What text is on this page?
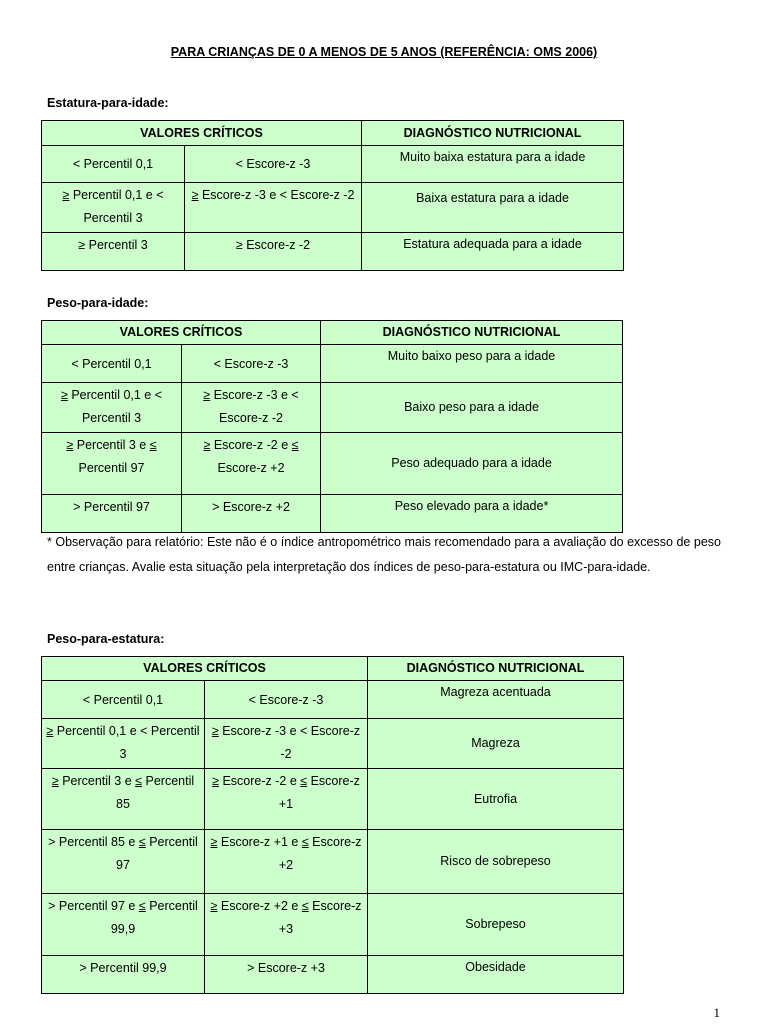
PARA CRIANÇAS DE 0 A MENOS DE 5 ANOS (REFERÊNCIA: OMS 2006)
Estatura-para-idade:
VALORES CRÍTICOS		DIAGNÓSTICO NUTRICIONAL
< Percentil 0,1	< Escore-z -3	Muito baixa estatura para a idade
≥ Percentil 0,1 e < Percentil 3	≥ Escore-z -3 e < Escore-z -2	Baixa estatura para a idade
≥ Percentil 3	≥ Escore-z -2	Estatura adequada para a idade
Peso-para-idade:
VALORES CRÍTICOS		DIAGNÓSTICO NUTRICIONAL
< Percentil 0,1	< Escore-z -3	Muito baixo peso para a idade
≥ Percentil 0,1 e < Percentil 3	≥ Escore-z -3 e < Escore-z -2	Baixo peso para a idade
≥ Percentil 3 e ≤ Percentil 97	≥ Escore-z -2 e ≤ Escore-z +2	Peso adequado para a idade
> Percentil 97	> Escore-z +2	Peso elevado para a idade*
* Observação para relatório: Este não é o índice antropométrico mais recomendado para a avaliação do excesso de peso entre crianças. Avalie esta situação pela interpretação dos índices de peso-para-estatura ou IMC-para-idade.
Peso-para-estatura:
VALORES CRÍTICOS		DIAGNÓSTICO NUTRICIONAL
< Percentil 0,1	< Escore-z -3	Magreza acentuada
≥ Percentil 0,1 e < Percentil 3	≥ Escore-z -3 e < Escore-z -2	Magreza
≥ Percentil 3 e ≤ Percentil 85	≥ Escore-z -2 e ≤ Escore-z +1	Eutrofia
> Percentil 85 e ≤ Percentil 97	≥ Escore-z +1 e ≤ Escore-z +2	Risco de sobrepeso
> Percentil 97 e ≤ Percentil 99,9	≥ Escore-z +2 e ≤ Escore-z +3	Sobrepeso
> Percentil 99,9	> Escore-z +3	Obesidade
1
